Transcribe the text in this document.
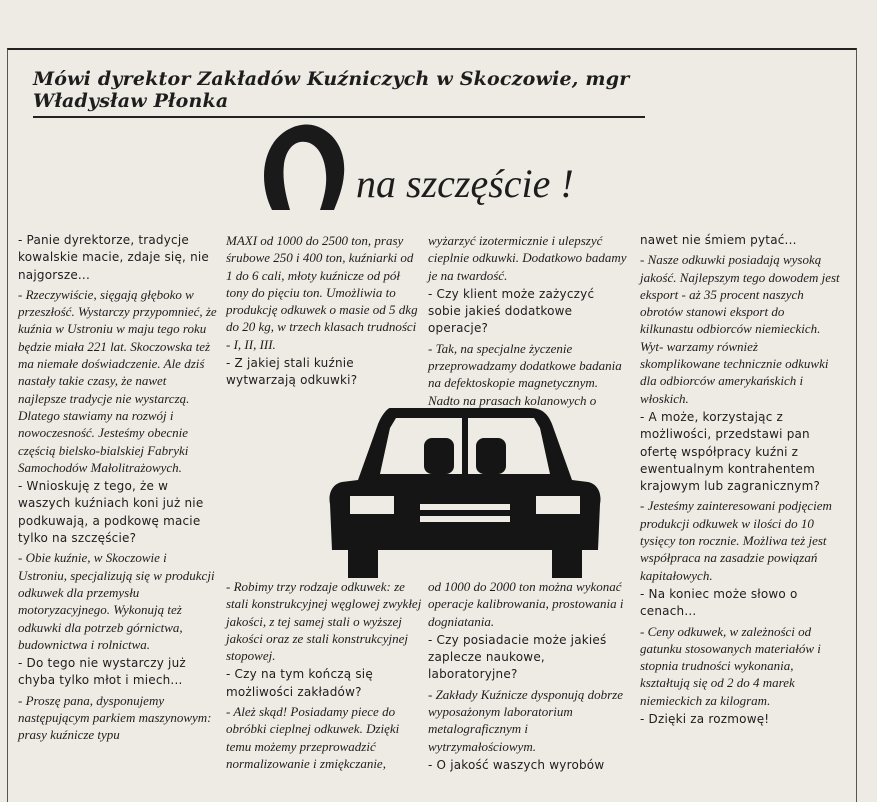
Mówi dyrektor Zakładów Kuźniczych w Skoczowie, mgr Władysław Płonka
na szczęście !

- Panie dyrektorze, tradycje kowalskie macie, zdaje się, nie najgorsze...

- Rzeczywiście, sięgają głęboko w przeszłość. Wystarczy przypomnieć, że kuźnia w Ustroniu w maju tego roku będzie miała 221 lat. Skoczowska też ma niemałe doświadczenie. Ale dziś nastały takie czasy, że nawet najlepsze tradycje nie wystarczą. Dlatego stawiamy na rozwój i nowoczesność. Jesteśmy obecnie częścią bielsko-bialskiej Fabryki Samochodów Małolitrażowych.

- Wnioskuję z tego, że w waszych kuźniach koni już nie podkuwają, a podkowę macie tylko na szczęście?

- Obie kuźnie, w Skoczowie i Ustroniu, specjalizują się w produkcji odkuwek dla przemysłu motoryzacyjnego. Wykonują też odkuwki dla potrzeb górnictwa, budownictwa i rolnictwa.

- Do tego nie wystarczy już chyba tylko młot i miech...

- Proszę pana, dysponujemy następującym parkiem maszynowym: prasy kuźnicze typu

MAXI od 1000 do 2500 ton, prasy śrubowe 250 i 400 ton, kuźniarki od 1 do 6 cali, młoty kuźnicze od pół tony do pięciu ton. Umożliwia to produkcję odkuwek o masie od 5 dkg do 20 kg, w trzech klasach trudności - I, II, III.

- Z jakiej stali kuźnie wytwarzają odkuwki?

wyżarzyć izotermicznie i ulepszyć cieplnie odkuwki. Dodatkowo badamy je na twardość.

- Czy klient może zażyczyć sobie jakieś dodatkowe operacje?

- Tak, na specjalne życzenie przeprowadzamy dodatkowe badania na defektoskopie magnetycznym. Nadto na prasach kolanowych o

nawet nie śmiem pytać...

- Nasze odkuwki posiadają wysoką jakość. Najlepszym tego dowodem jest eksport - aż 35 procent naszych obrotów stanowi eksport do kilkunastu odbiorców niemieckich. Wyt- warzamy również skomplikowane technicznie odkuwki dla odbiorców amerykańskich i włoskich.

- A może, korzystając z możliwości, przedstawi pan ofertę współpracy kuźni z ewentualnym kontrahentem krajowym lub zagranicznym?

- Jesteśmy zainteresowani podjęciem produkcji odkuwek w ilości do 10 tysięcy ton rocznie. Możliwa też jest współpraca na zasadzie powiązań kapitałowych.

- Na koniec może słowo o cenach...

- Ceny odkuwek, w zależności od gatunku stosowanych materiałów i stopnia trudności wykonania, kształtują się od 2 do 4 marek niemieckich za kilogram.

- Dzięki za rozmowę!

- Robimy trzy rodzaje odkuwek: ze stali konstrukcyjnej węglowej zwykłej jakości, z tej samej stali o wyższej jakości oraz ze stali konstrukcyjnej stopowej.

- Czy na tym kończą się możliwości zakładów?

- Ależ skąd! Posiadamy piece do obróbki cieplnej odkuwek. Dzięki temu możemy przeprowadzić normalizowanie i zmiękczanie,

od 1000 do 2000 ton można wykonać operacje kalibrowania, prostowania i dogniatania.

- Czy posiadacie może jakieś zaplecze naukowe, laboratoryjne?

- Zakłady Kuźnicze dysponują dobrze wyposażonym laboratorium metalograficznym i wytrzymałościowym.

- O jakość waszych wyrobów
